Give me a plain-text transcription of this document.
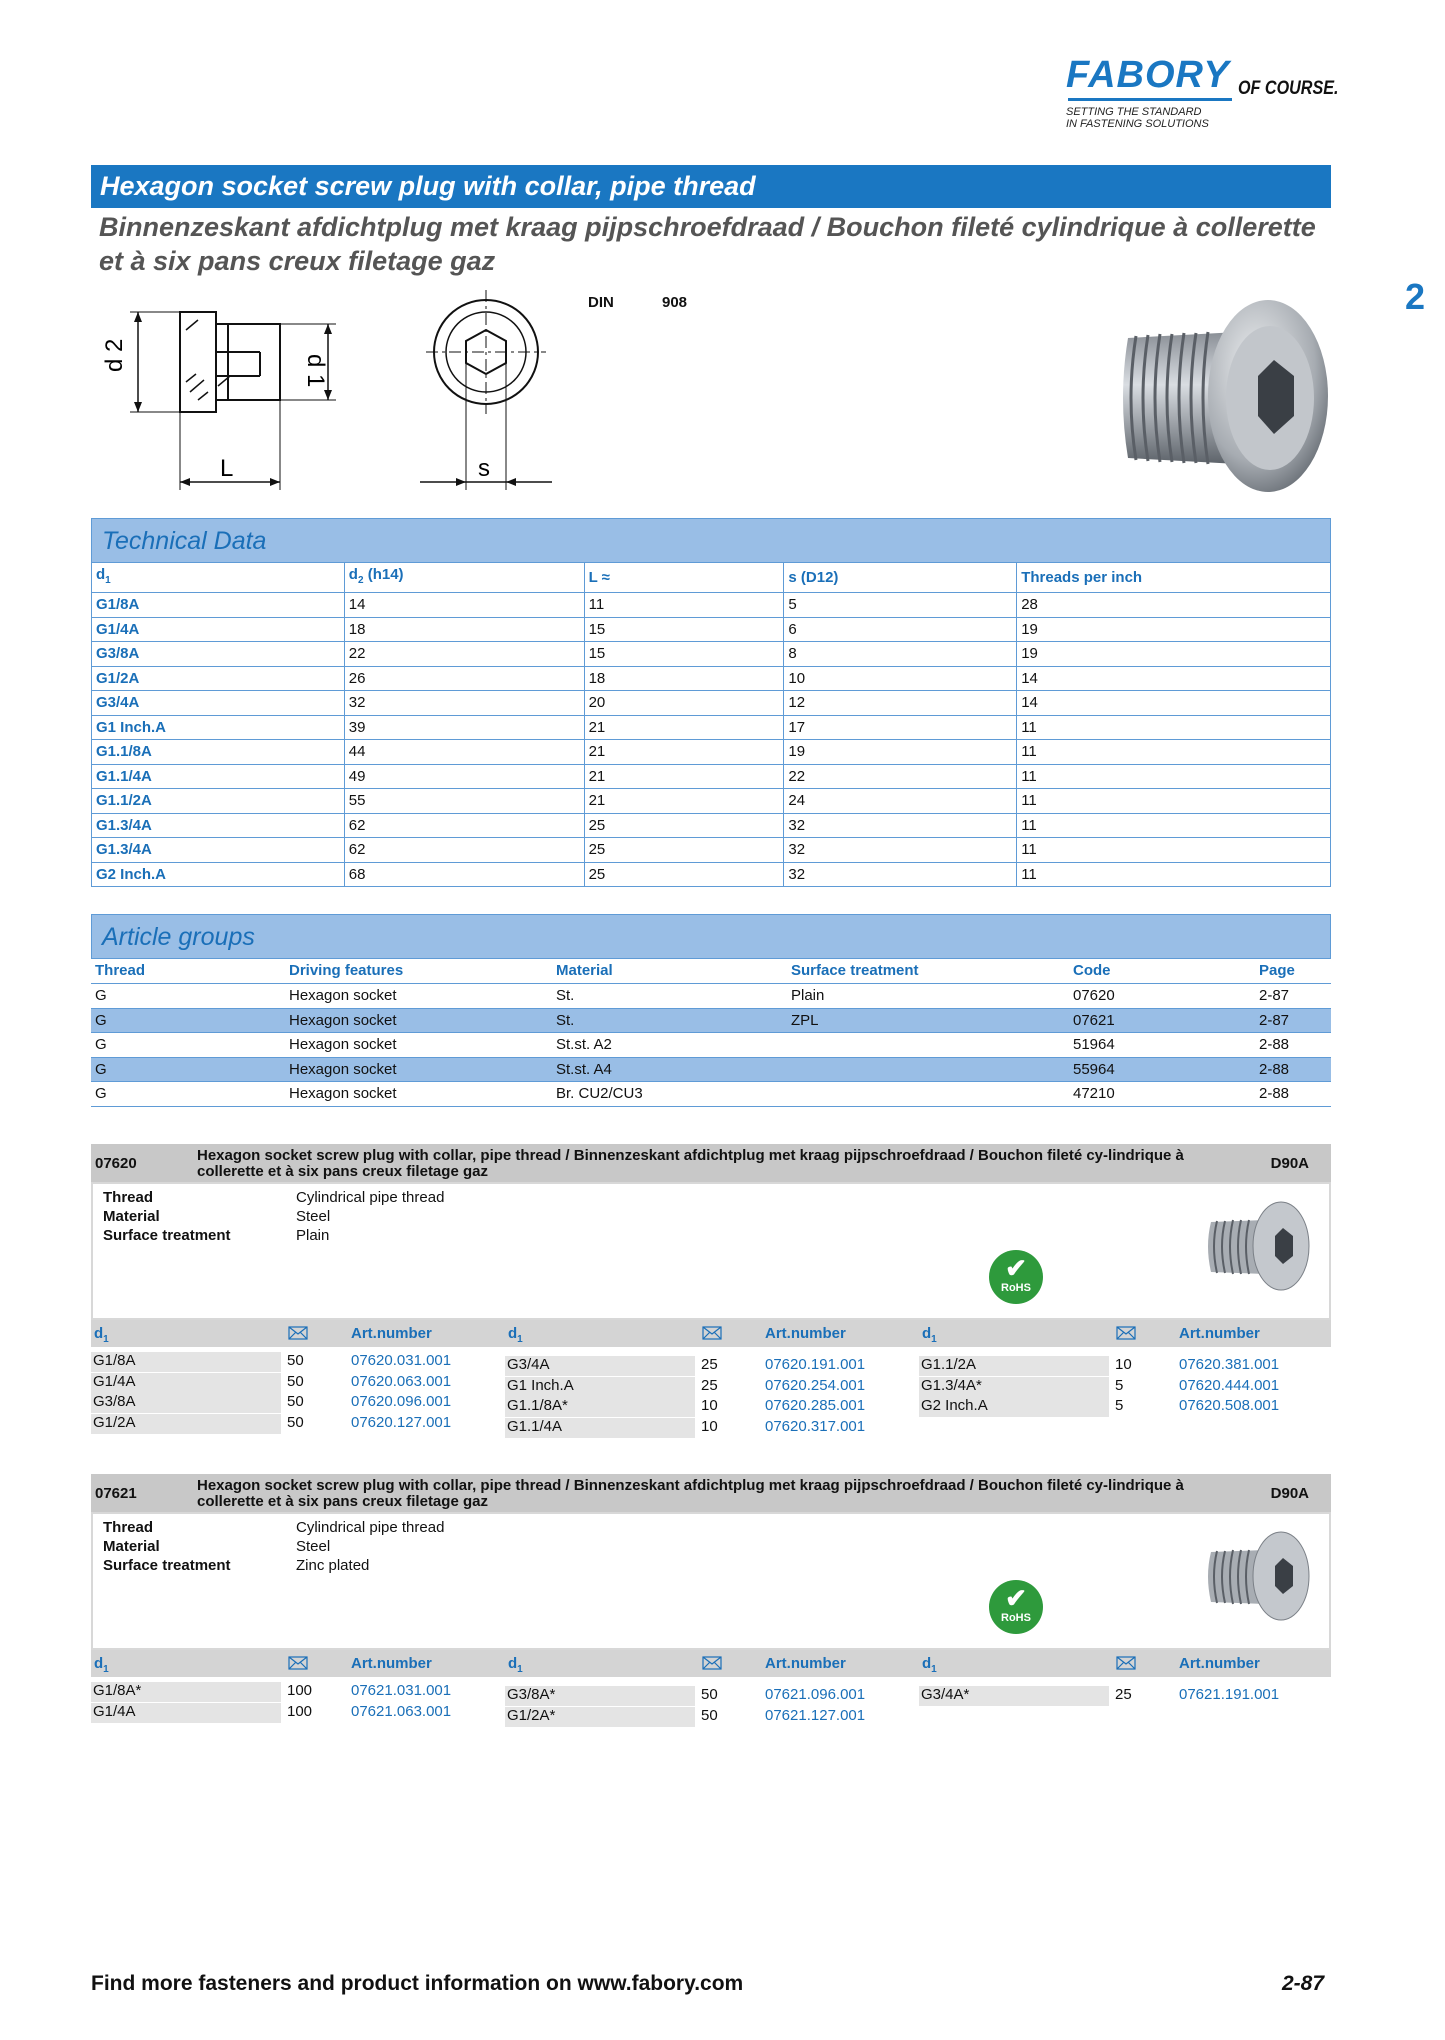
FABORY OF COURSE.
SETTING THE STANDARD
IN FASTENING SOLUTIONS
Hexagon socket screw plug with collar, pipe thread
Binnenzeskant afdichtplug met kraag pijpschroefdraad / Bouchon fileté cylindrique à collerette et à six pans creux filetage gaz
2
d 2	d 1
L	s
DIN	908
Technical Data
$d_1$	$d_2$ (h14)	L ≈	s (D12)	Threads per inch
G1/8A	14	11	5	28
G1/4A	18	15	6	19
G3/8A	22	15	8	19
G1/2A	26	18	10	14
G3/4A	32	20	12	14
G1 Inch.A	39	21	17	11
G1.1/8A	44	21	19	11
G1.1/4A	49	21	22	11
G1.1/2A	55	21	24	11
G1.3/4A	62	25	32	11
G1.3/4A	62	25	32	11
G2 Inch.A	68	25	32	11
Article groups
Thread	Driving features	Material	Surface treatment	Code	Page
G	Hexagon socket	St.	Plain	07620	2-87
G	Hexagon socket	St.	ZPL	07621	2-87
G	Hexagon socket	St.st. A2		51964	2-88
G	Hexagon socket	St.st. A4		55964	2-88
G	Hexagon socket	Br. CU2/CU3		47210	2-88
07620	Hexagon socket screw plug with collar, pipe thread / Binnenzeskant afdichtplug met kraag pijpschroefdraad / Bouchon fileté cy-lindrique à collerette et à six pans creux filetage gaz	D90A
Thread	Cylindrical pipe thread
Material	Steel
Surface treatment	Plain
✔
RoHS
$d_1$	Art.number	$d_1$	Art.number	$d_1$	Art.number
G1/8A	50	07620.031.001
G1/4A	50	07620.063.001
G3/8A	50	07620.096.001
G1/2A	50	07620.127.001
G3/4A	25	07620.191.001
G1 Inch.A	25	07620.254.001
G1.1/8A*	10	07620.285.001
G1.1/4A	10	07620.317.001
G1.1/2A	10	07620.381.001
G1.3/4A*	5	07620.444.001
G2 Inch.A	5	07620.508.001
07621	Hexagon socket screw plug with collar, pipe thread / Binnenzeskant afdichtplug met kraag pijpschroefdraad / Bouchon fileté cy-lindrique à collerette et à six pans creux filetage gaz	D90A
Thread	Cylindrical pipe thread
Material	Steel
Surface treatment	Zinc plated
✔
RoHS
$d_1$	Art.number	$d_1$	Art.number	$d_1$	Art.number
G1/8A*	100	07621.031.001
G1/4A	100	07621.063.001
G3/8A*	50	07621.096.001
G1/2A*	50	07621.127.001
G3/4A*	25	07621.191.001
Find more fasteners and product information on www.fabory.com	2-87
